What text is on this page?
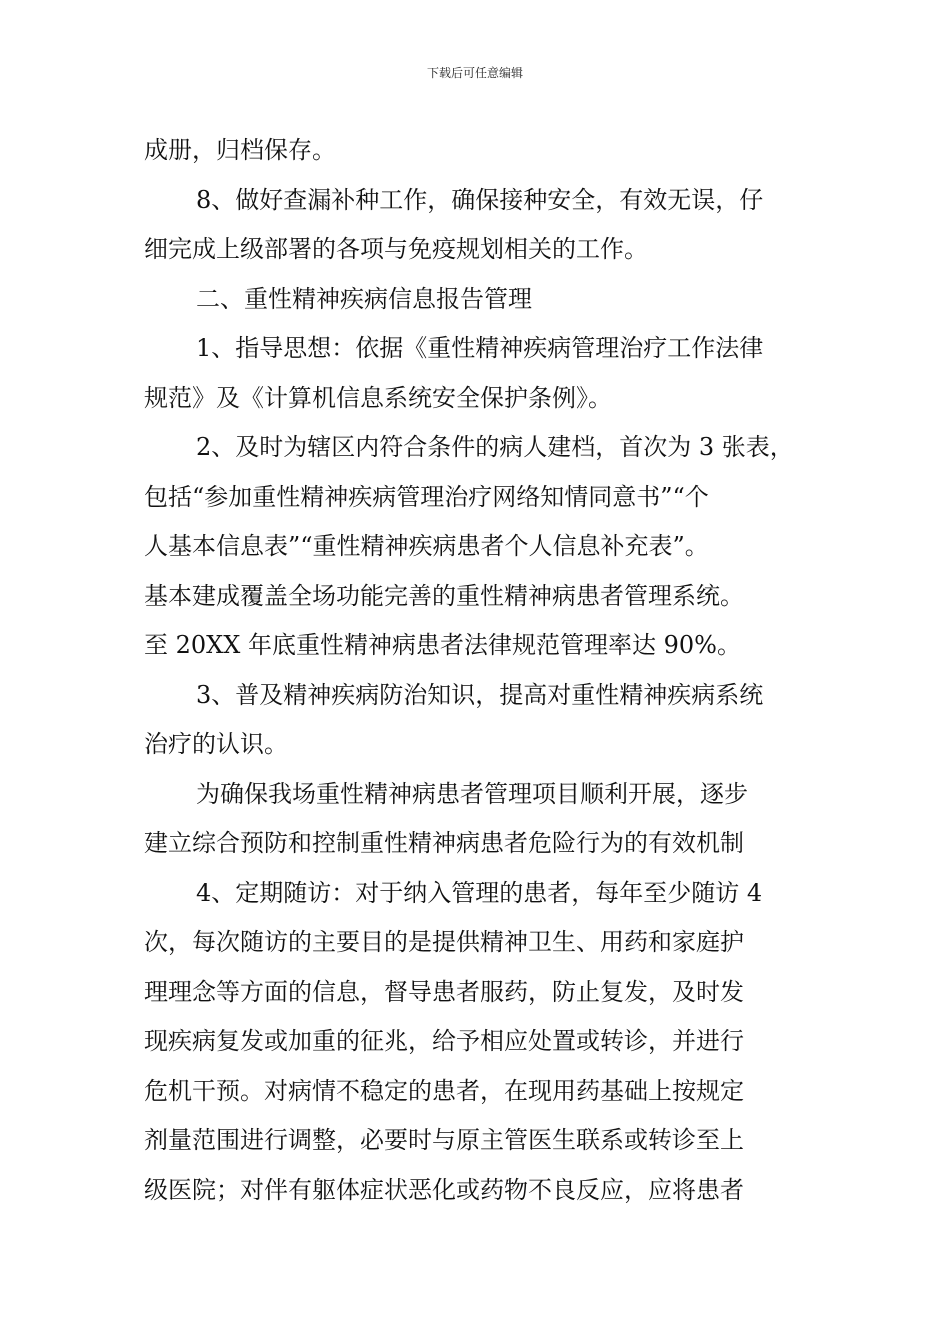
下载后可任意编辑
成册，归档保存。
8、做好查漏补种工作，确保接种安全，有效无误，仔
细完成上级部署的各项与免疫规划相关的工作。
二、重性精神疾病信息报告管理
1、指导思想：依据《重性精神疾病管理治疗工作法律
规范》及《计算机信息系统安全保护条例》。
2、及时为辖区内符合条件的病人建档，首次为 3 张表，
包括“参加重性精神疾病管理治疗网络知情同意书”“个
人基本信息表”“重性精神疾病患者个人信息补充表”。
基本建成覆盖全场功能完善的重性精神病患者管理系统。
至 20XX 年底重性精神病患者法律规范管理率达 90%。
3、普及精神疾病防治知识，提高对重性精神疾病系统
治疗的认识。
为确保我场重性精神病患者管理项目顺利开展，逐步
建立综合预防和控制重性精神病患者危险行为的有效机制
4、定期随访：对于纳入管理的患者，每年至少随访 4
次，每次随访的主要目的是提供精神卫生、用药和家庭护
理理念等方面的信息，督导患者服药，防止复发，及时发
现疾病复发或加重的征兆，给予相应处置或转诊，并进行
危机干预。对病情不稳定的患者，在现用药基础上按规定
剂量范围进行调整，必要时与原主管医生联系或转诊至上
级医院；对伴有躯体症状恶化或药物不良反应，应将患者
